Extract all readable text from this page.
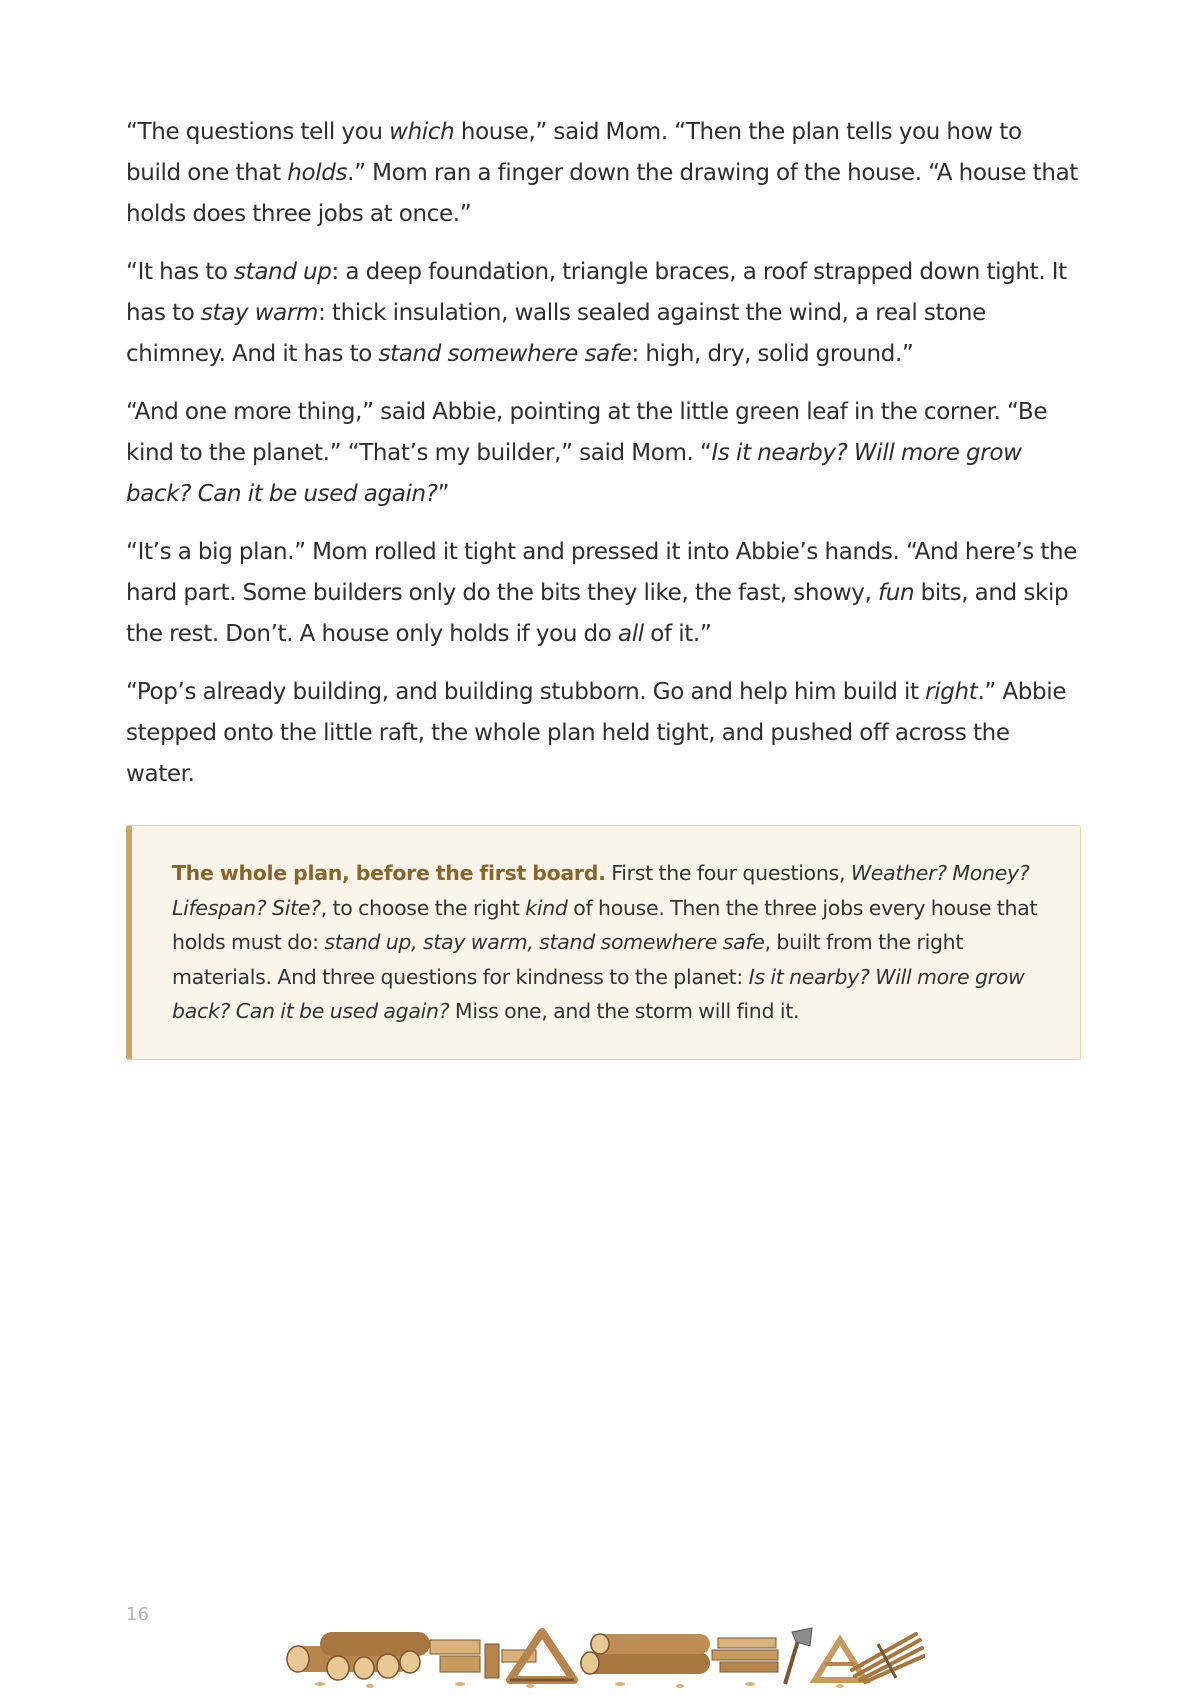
“The questions tell you which house,” said Mom. “Then the plan tells you how to build one that holds.” Mom ran a finger down the drawing of the house. “A house that holds does three jobs at once.”

“It has to stand up: a deep foundation, triangle braces, a roof strapped down tight. It has to stay warm: thick insulation, walls sealed against the wind, a real stone chimney. And it has to stand somewhere safe: high, dry, solid ground.”

“And one more thing,” said Abbie, pointing at the little green leaf in the corner. “Be kind to the planet.” “That’s my builder,” said Mom. “Is it nearby? Will more grow back? Can it be used again?”

“It’s a big plan.” Mom rolled it tight and pressed it into Abbie’s hands. “And here’s the hard part. Some builders only do the bits they like, the fast, showy, fun bits, and skip the rest. Don’t. A house only holds if you do all of it.”

“Pop’s already building, and building stubborn. Go and help him build it right.” Abbie stepped onto the little raft, the whole plan held tight, and pushed off across the water.

The whole plan, before the first board. First the four questions, Weather? Money? Lifespan? Site?, to choose the right kind of house. Then the three jobs every house that holds must do: stand up, stay warm, stand somewhere safe, built from the right materials. And three questions for kindness to the planet: Is it nearby? Will more grow back? Can it be used again? Miss one, and the storm will find it.
16
